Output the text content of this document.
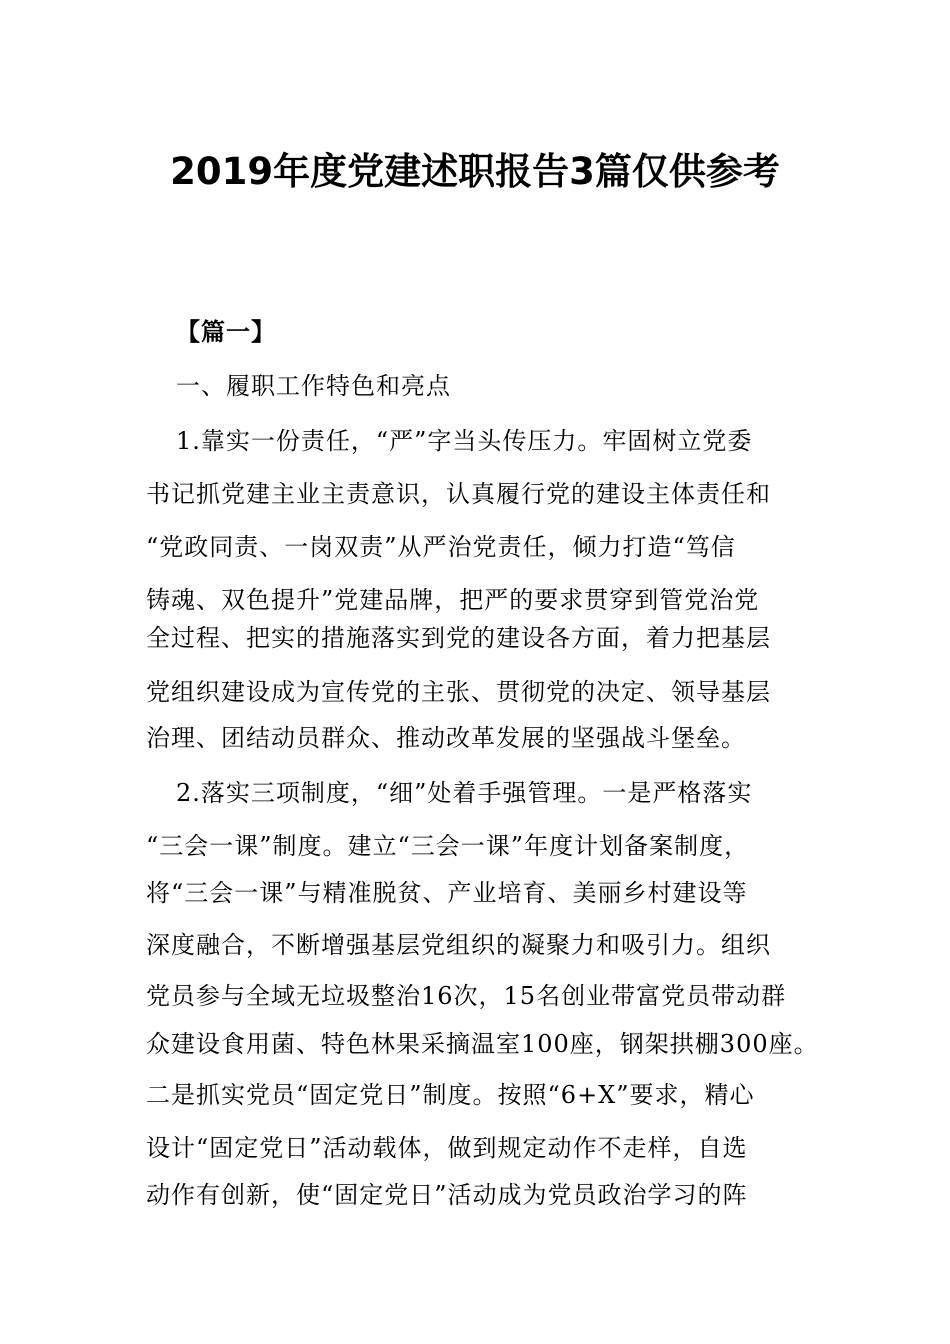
2019年度党建述职报告3篇仅供参考

【篇一】

一、履职工作特色和亮点

1.靠实一份责任，“严”字当头传压力。牢固树立党委

书记抓党建主业主责意识，认真履行党的建设主体责任和

“党政同责、一岗双责”从严治党责任，倾力打造“笃信

铸魂、双色提升”党建品牌，把严的要求贯穿到管党治党

全过程、把实的措施落实到党的建设各方面，着力把基层

党组织建设成为宣传党的主张、贯彻党的决定、领导基层

治理、团结动员群众、推动改革发展的坚强战斗堡垒。

2.落实三项制度，“细”处着手强管理。一是严格落实

“三会一课”制度。建立“三会一课”年度计划备案制度，

将“三会一课”与精准脱贫、产业培育、美丽乡村建设等

深度融合，不断增强基层党组织的凝聚力和吸引力。组织

党员参与全域无垃圾整治16次，15名创业带富党员带动群

众建设食用菌、特色林果采摘温室100座，钢架拱棚300座。

二是抓实党员“固定党日”制度。按照“6+X”要求，精心

设计“固定党日”活动载体，做到规定动作不走样，自选

动作有创新，使“固定党日”活动成为党员政治学习的阵
